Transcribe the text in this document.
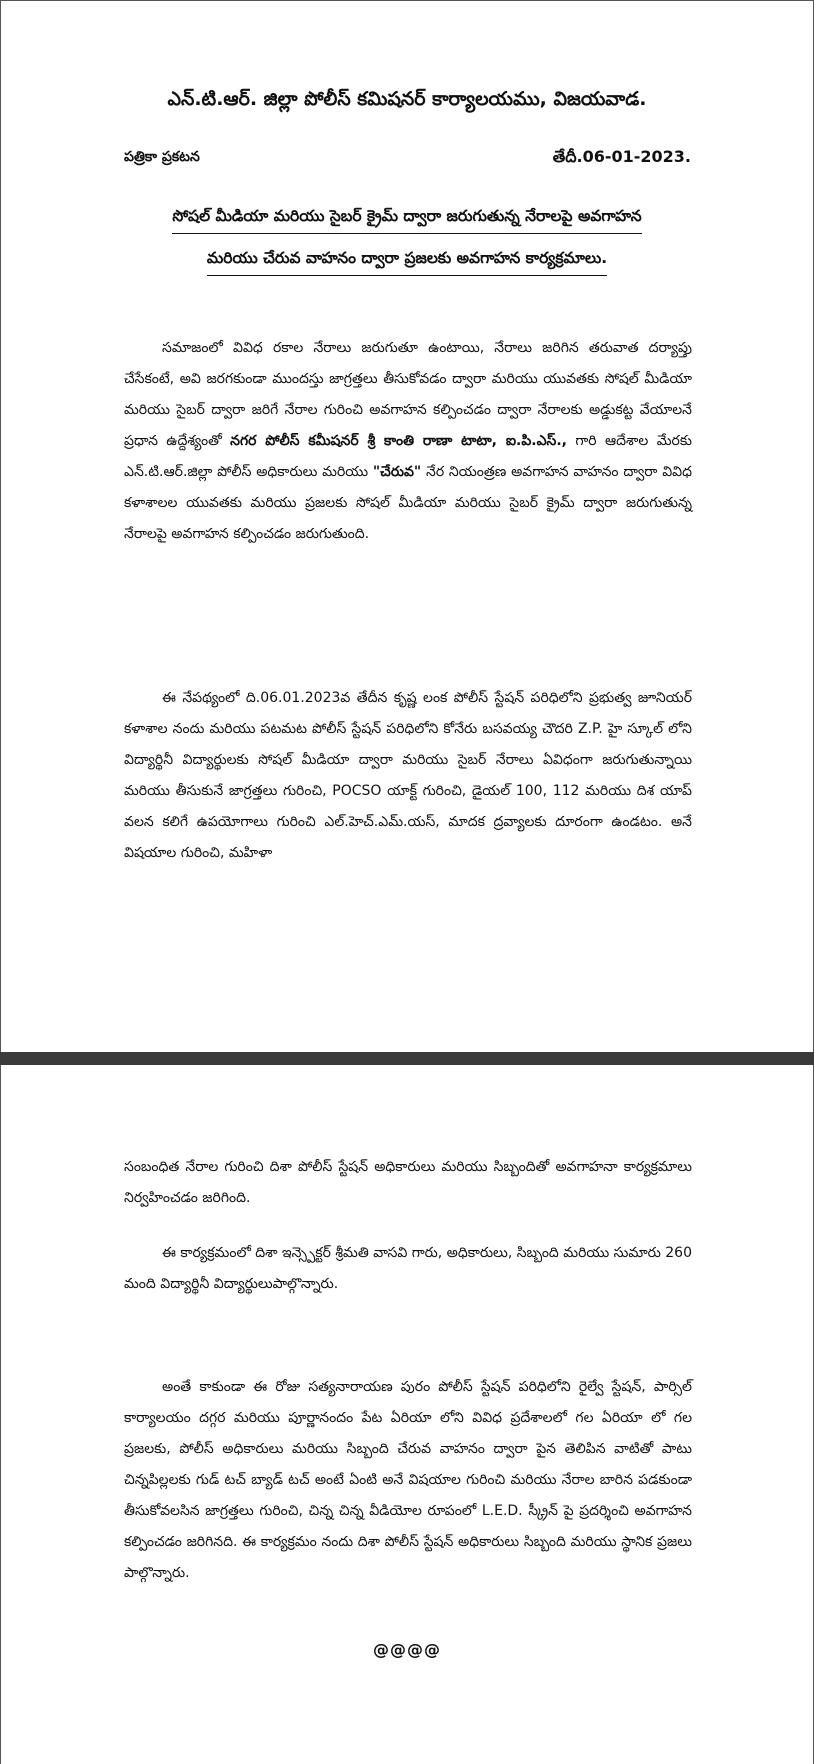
ఎన్.టి.ఆర్. జిల్లా పోలీస్ కమిషనర్ కార్యాలయము, విజయవాడ.
పత్రికా ప్రకటన	తేదీ.06-01-2023.
సోషల్ మీడియా మరియు సైబర్ క్రైమ్ ద్వారా జరుగుతున్న నేరాలపై అవగాహన
మరియు చేరువ వాహనం ద్వారా ప్రజలకు అవగాహన కార్యక్రమాలు.

సమాజంలో వివిధ రకాల నేరాలు జరుగుతూ ఉంటాయి, నేరాలు జరిగిన తరువాత దర్యాప్తు చేసేకంటే, అవి జరగకుండా ముందస్తు జాగ్రత్తలు తీసుకోవడం ద్వారా మరియు యువతకు సోషల్ మీడియా మరియు సైబర్ ద్వారా జరిగే నేరాల గురించి అవగాహన కల్పించడం ద్వారా నేరాలకు అడ్డుకట్ట వేయాలనే ప్రధాన ఉద్దేశ్యంతో నగర పోలీస్ కమీషనర్ శ్రీ కాంతి రాణా టాటా, ఐ.పి.ఎస్., గారి ఆదేశాల మేరకు ఎన్.టి.ఆర్.జిల్లా పోలీస్ అధికారులు మరియు "చేరువ" నేర నియంత్రణ అవగాహన వాహనం ద్వారా వివిధ కళాశాలల యువతకు మరియు ప్రజలకు సోషల్ మీడియా మరియు సైబర్ క్రైమ్ ద్వారా జరుగుతున్న నేరాలపై అవగాహన కల్పించడం జరుగుతుంది.

ఈ నేపథ్యంలో ది.06.01.2023వ తేదీన కృష్ణ లంక పోలీస్ స్టేషన్ పరిధిలోని ప్రభుత్వ జూనియర్ కళాశాల నందు మరియు పటమట పోలీస్ స్టేషన్ పరిధిలోని కోనేరు బసవయ్య చౌదరి Z.P. హై స్కూల్ లోని విద్యార్థినీ విద్యార్థులకు సోషల్ మీడియా ద్వారా మరియు సైబర్ నేరాలు ఏవిధంగా జరుగుతున్నాయి మరియు తీసుకునే జాగ్రత్తలు గురించి, POCSO యాక్ట్ గురించి, డైయల్ 100, 112 మరియు దిశ యాప్ వలన కలిగే ఉపయోగాలు గురించి ఎల్.హెచ్.ఎమ్.యస్, మాదక ద్రవ్యాలకు దూరంగా ఉండటం. అనే విషయాల గురించి, మహిళా

సంబంధిత నేరాల గురించి దిశా పోలీస్ స్టేషన్ అధికారులు మరియు సిబ్బందితో అవగాహనా కార్యక్రమాలు నిర్వహించడం జరిగింది.

ఈ కార్యక్రమంలో దిశా ఇన్స్పెక్టర్ శ్రీమతి వాసవి గారు, అధికారులు, సిబ్బంది మరియు సుమారు 260 మంది విద్యార్థినీ విద్యార్థులుపాల్గొన్నారు.

అంతే కాకుండా ఈ రోజు సత్యనారాయణ పురం పోలీస్ స్టేషన్ పరిధిలోని రైల్వే స్టేషన్, పార్సిల్ కార్యాలయం దగ్గర మరియు పూర్ణానందం పేట ఏరియా లోని వివిధ ప్రదేశాలలో గల ఏరియా లో గల ప్రజలకు, పోలీస్ అధికారులు మరియు సిబ్బంది చేరువ వాహనం ద్వారా పైన తెలిపిన వాటితో పాటు చిన్నపిల్లలకు గుడ్ టచ్ బ్యాడ్ టచ్ అంటే ఏంటి అనే విషయాల గురించి మరియు నేరాల బారిన పడకుండా తీసుకోవలసిన జాగ్రత్తలు గురించి, చిన్న చిన్న వీడియోల రూపంలో L.E.D. స్క్రీన్ పై ప్రదర్శించి అవగాహన కల్పించడం జరిగినది. ఈ కార్యక్రమం నందు దిశా పోలీస్ స్టేషన్ అధికారులు సిబ్బంది మరియు స్థానిక ప్రజలు పాల్గొన్నారు.

@@@@
